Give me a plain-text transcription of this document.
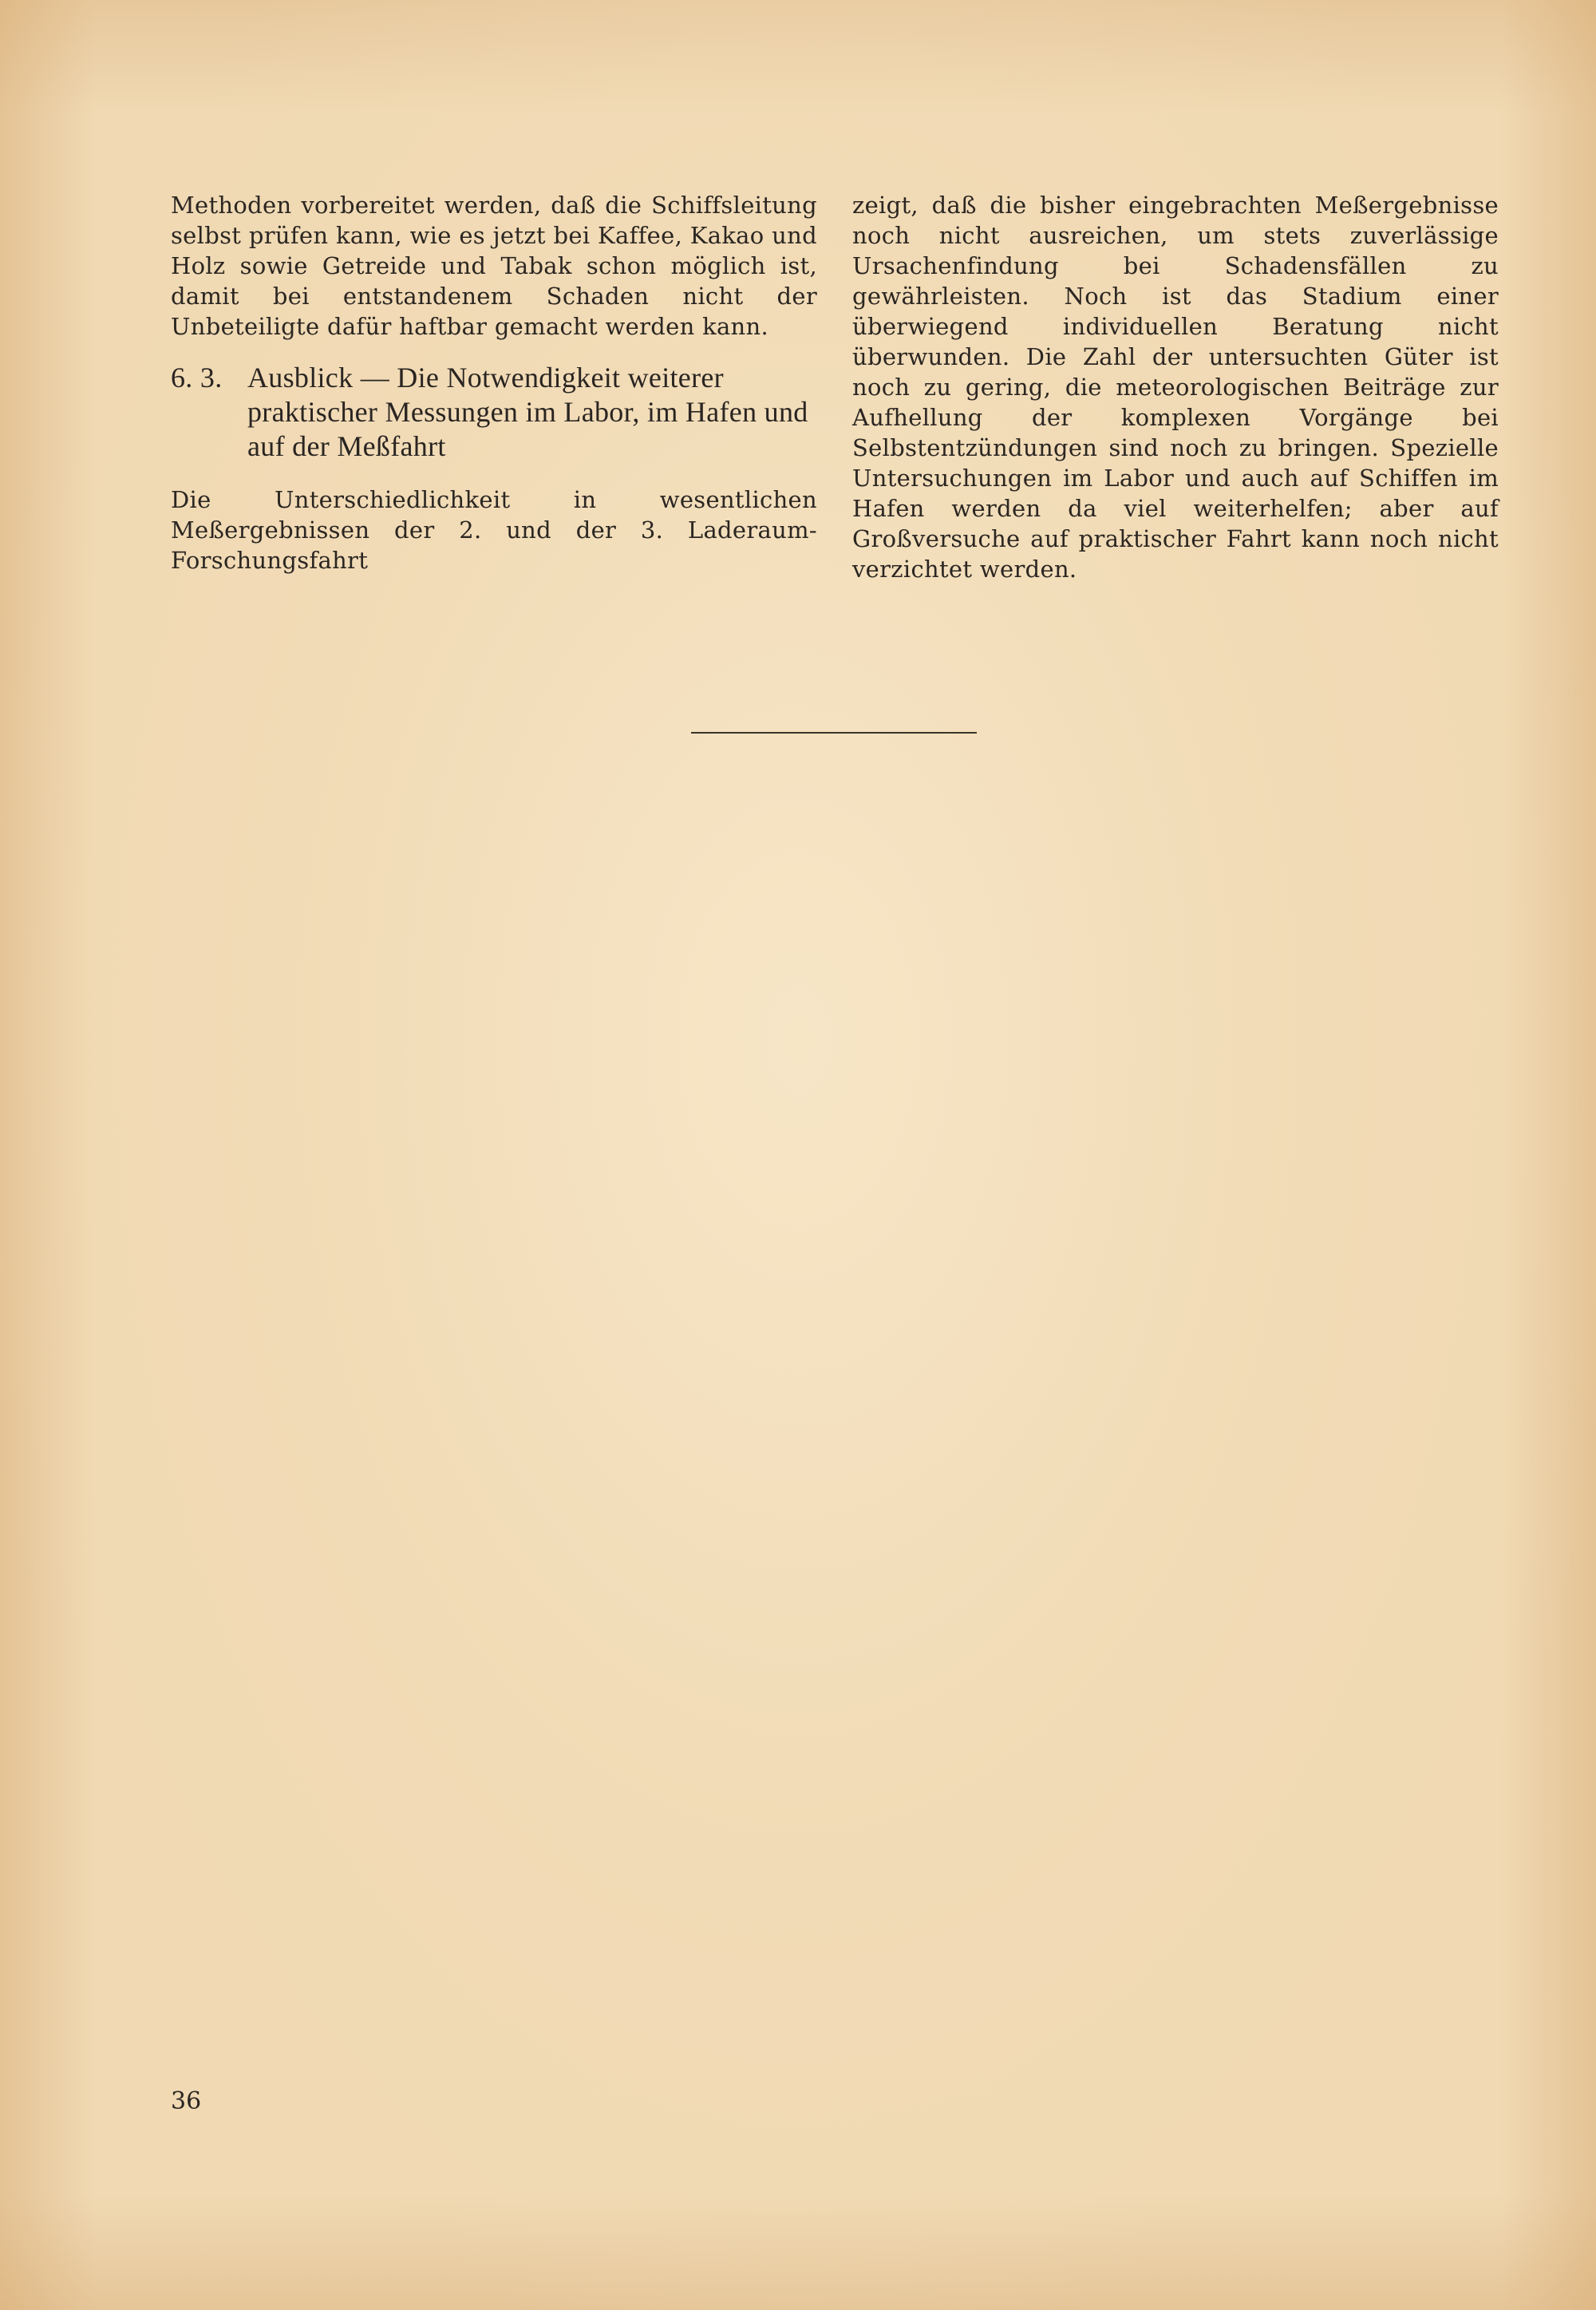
Methoden vorbereitet werden, daß die Schiffsleitung selbst prüfen kann, wie es jetzt bei Kaffee, Kakao und Holz sowie Getreide und Tabak schon möglich ist, damit bei entstandenem Schaden nicht der Unbeteiligte dafür haftbar gemacht werden kann.

6. 3. Ausblick — Die Notwendigkeit weiterer praktischer Messungen im Labor, im Hafen und auf der Meßfahrt

Die Unterschiedlichkeit in wesentlichen Meßergebnissen der 2. und der 3. Laderaum-Forschungsfahrt

zeigt, daß die bisher eingebrachten Meßergebnisse noch nicht ausreichen, um stets zuverlässige Ursachenfindung bei Schadensfällen zu gewährleisten. Noch ist das Stadium einer überwiegend individuellen Beratung nicht überwunden. Die Zahl der untersuchten Güter ist noch zu gering, die meteorologischen Beiträge zur Aufhellung der komplexen Vorgänge bei Selbstentzündungen sind noch zu bringen. Spezielle Untersuchungen im Labor und auch auf Schiffen im Hafen werden da viel weiterhelfen; aber auf Großversuche auf praktischer Fahrt kann noch nicht verzichtet werden.

36
